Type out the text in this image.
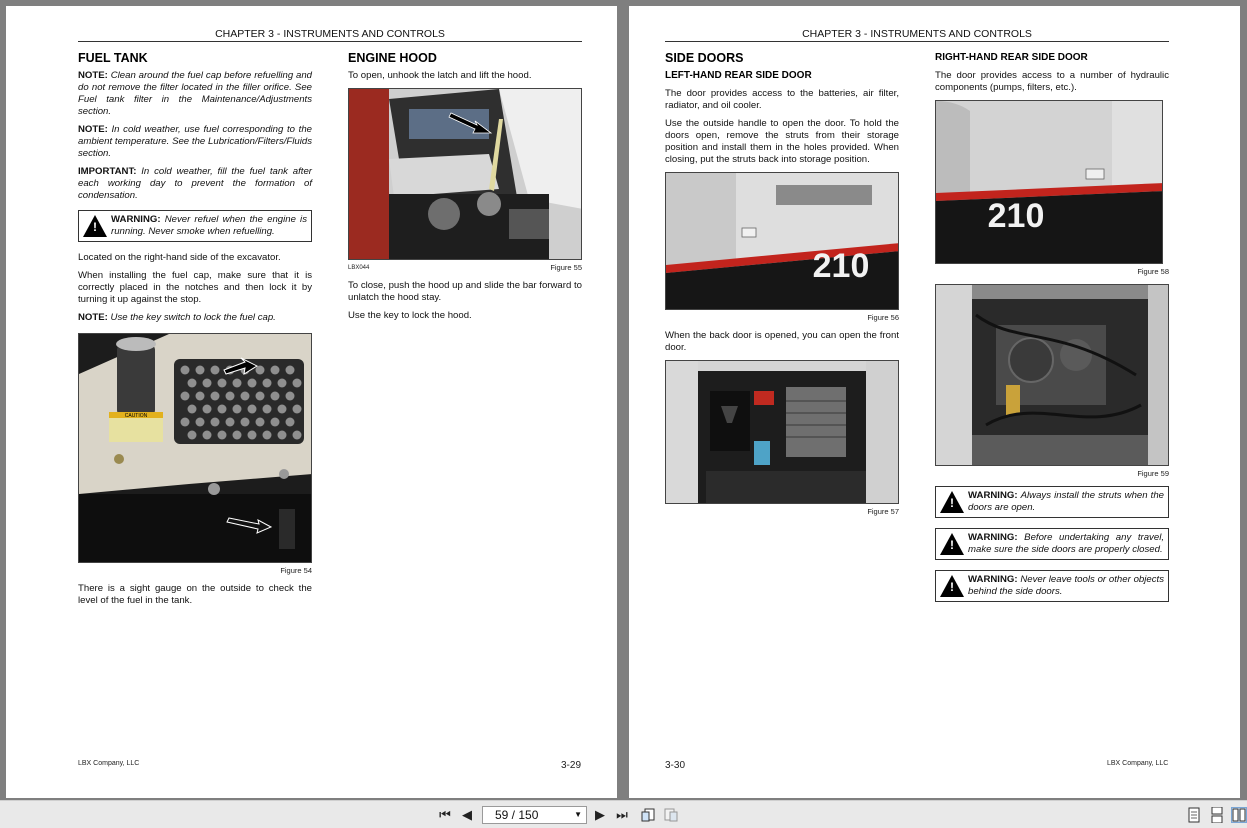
CHAPTER 3 - INSTRUMENTS AND CONTROLS
FUEL TANK

NOTE: Clean around the fuel cap before refuelling and do not remove the filter located in the filler orifice. See Fuel tank filter in the Maintenance/Adjustments section.

NOTE: In cold weather, use fuel corresponding to the ambient temperature. See the Lubrication/Filters/Fluids section.

IMPORTANT: In cold weather, fill the fuel tank after each working day to prevent the formation of condensation.

!
WARNING: Never refuel when the engine is running. Never smoke when refuelling.

Located on the right-hand side of the excavator.

When installing the fuel cap, make sure that it is correctly placed in the notches and then lock it by turning it up against the stop.

NOTE: Use the key switch to lock the fuel cap.

CAUTION
Figure 54

There is a sight gauge on the outside to check the level of the fuel in the tank.

ENGINE HOOD

To open, unhook the latch and lift the hood.

LBX044	Figure 55

To close, push the hood up and slide the bar forward to unlatch the hood stay.

Use the key to lock the hood.

LBX Company, LLC	3-29
CHAPTER 3 - INSTRUMENTS AND CONTROLS
SIDE DOORS
LEFT-HAND REAR SIDE DOOR

The door provides access to the batteries, air filter, radiator, and oil cooler.

Use the outside handle to open the door. To hold the doors open, remove the struts from their storage position and install them in the holes provided. When closing, put the struts back into storage position.

210
Figure 56

When the back door is opened, you can open the front door.

Figure 57
RIGHT-HAND REAR SIDE DOOR

The door provides access to a number of hydraulic components (pumps, filters, etc.).

210
Figure 58
Figure 59
!
WARNING: Always install the struts when the doors are open.
!
WARNING: Before undertaking any travel, make sure the side doors are properly closed.
!
WARNING: Never leave tools or other objects behind the side doors.
3-30	LBX Company, LLC
⏮ ◀	59 / 150	▼ ▶ ⏭
